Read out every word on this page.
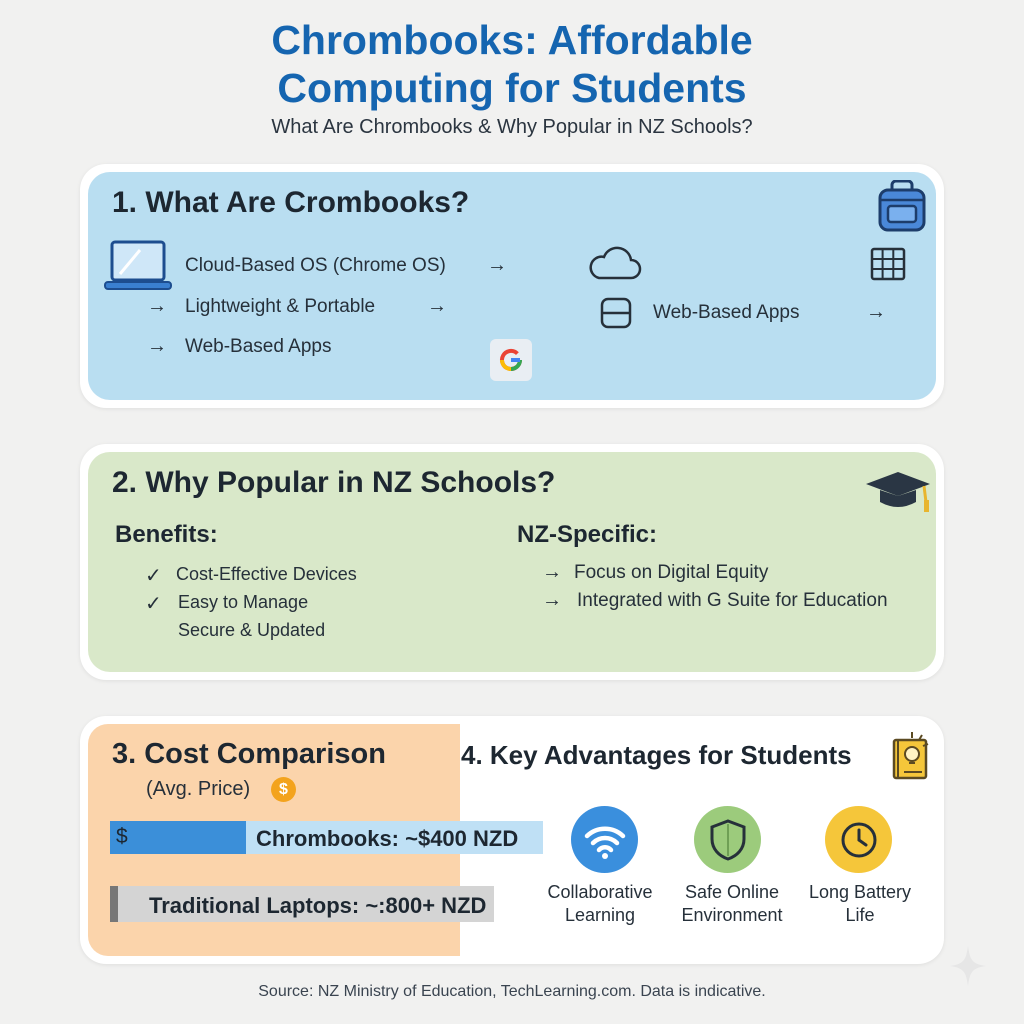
Chrombooks: Affordable
Computing for Students
What Are Chrombooks & Why Popular in NZ Schools?
1. What Are Crombooks?
Cloud-Based OS (Chrome OS) →
→ Lightweight & Portable	→
→ Web-Based Apps
Web-Based Apps	→
2. Why Popular in NZ Schools?
Benefits:
✓ Cost-Effective Devices
✓ Easy to Manage
Secure & Updated
NZ-Specific:
→ Focus on Digital Equity
→ Integrated with G Suite for Education
3. Cost Comparison
(Avg. Price)	$
$	Chrombooks: ~$400 NZD
Traditional Laptops: ~:800+ NZD
4. Key Advantages for Students
Collaborative
Learning
Safe Online
Environment
Long Battery
Life
Source: NZ Ministry of Education, TechLearning.com. Data is indicative.
